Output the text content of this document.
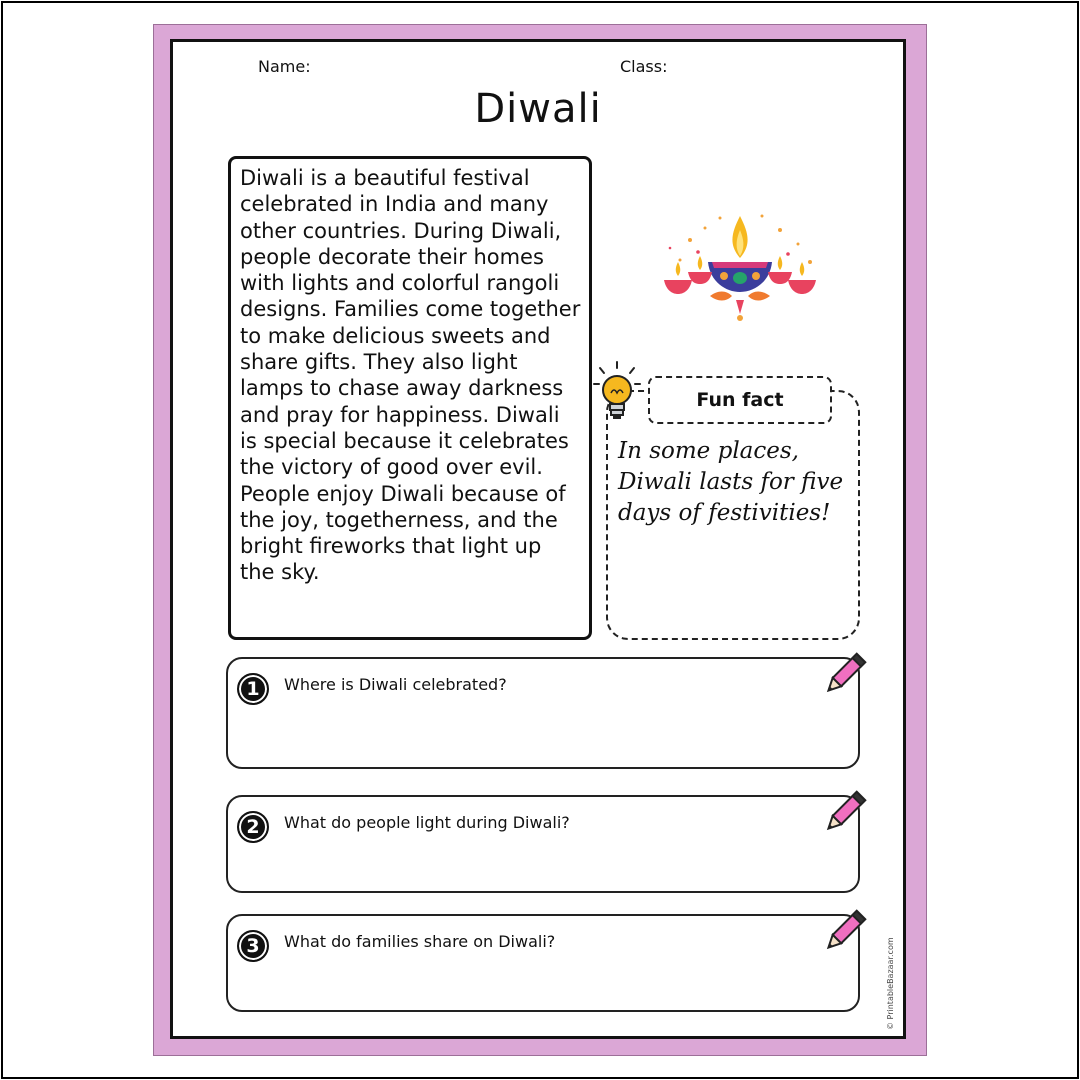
Name:	Class:
Diwali

Diwali is a beautiful festival celebrated in India and many other countries. During Diwali, people decorate their homes with lights and colorful rangoli designs. Families come together to make delicious sweets and share gifts. They also light lamps to chase away darkness and pray for happiness. Diwali is special because it celebrates the victory of good over evil. People enjoy Diwali because of the joy, togetherness, and the bright fireworks that light up the sky.

Fun fact

In some places, Diwali lasts for five days of festivities!

1	Where is Diwali celebrated?
2	What do people light during Diwali?
3	What do families share on Diwali?	© PrintableBazaar.com
